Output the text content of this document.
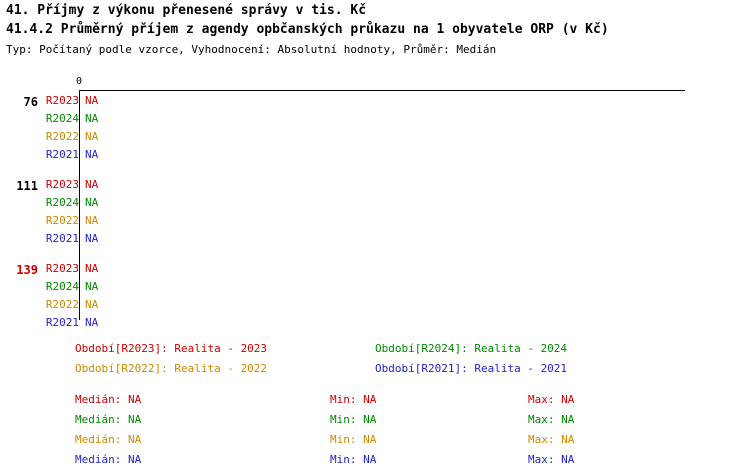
41. Příjmy z výkonu přenesené správy v tis. Kč
41.4.2 Průměrný příjem z agendy opbčanských průkazu na 1 obyvatele ORP (v Kč)
Typ: Počítaný podle vzorce, Vyhodnocení: Absolutní hodnoty, Průměr: Medián
0
76 R2023 NA
R2024 NA
R2022 NA
R2021 NA
111 R2023 NA
R2024 NA
R2022 NA
R2021 NA
139 R2023 NA
R2024 NA
R2022 NA
R2021 NA
Období[R2023]: Realita - 2023	Období[R2024]: Realita - 2024
Období[R2022]: Realita - 2022	Období[R2021]: Realita - 2021
Medián: NA	Min: NA	Max: NA
Medián: NA	Min: NA	Max: NA
Medián: NA	Min: NA	Max: NA
Medián: NA	Min: NA	Max: NA
